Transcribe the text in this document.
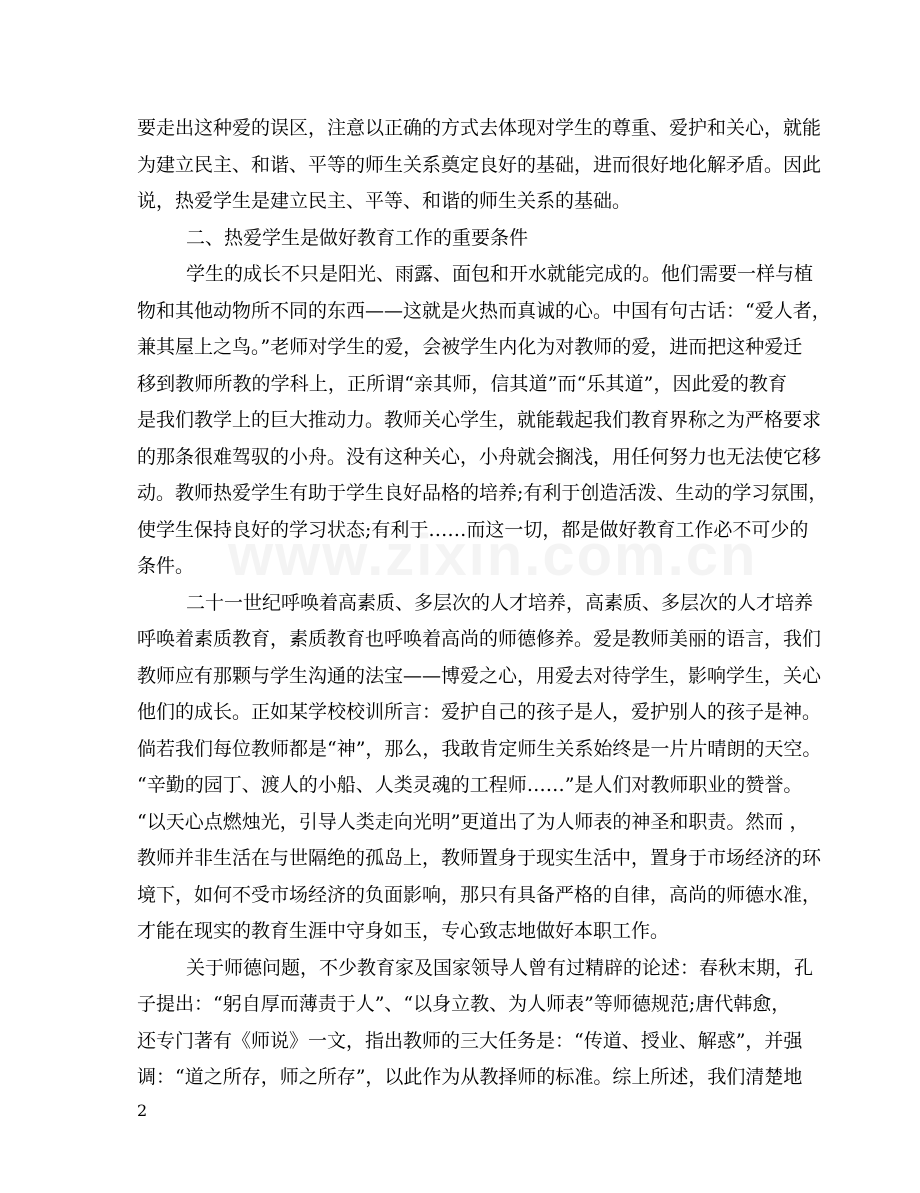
要走出这种爱的误区，注意以正确的方式去体现对学生的尊重、爱护和关心，就能
为建立民主、和谐、平等的师生关系奠定良好的基础，进而很好地化解矛盾。因此
说，热爱学生是建立民主、平等、和谐的师生关系的基础。
二、热爱学生是做好教育工作的重要条件
学生的成长不只是阳光、雨露、面包和开水就能完成的。他们需要一样与植
物和其他动物所不同的东西——这就是火热而真诚的心。中国有句古话：“爱人者，
兼其屋上之鸟。”老师对学生的爱，会被学生内化为对教师的爱，进而把这种爱迁
移到教师所教的学科上，正所谓“亲其师，信其道”而“乐其道”，因此爱的教育
是我们教学上的巨大推动力。教师关心学生，就能载起我们教育界称之为严格要求
的那条很难驾驭的小舟。没有这种关心，小舟就会搁浅，用任何努力也无法使它移
动。教师热爱学生有助于学生良好品格的培养;有利于创造活泼、生动的学习氛围，
使学生保持良好的学习状态;有利于……而这一切，都是做好教育工作必不可少的
条件。
二十一世纪呼唤着高素质、多层次的人才培养，高素质、多层次的人才培养
呼唤着素质教育，素质教育也呼唤着高尚的师德修养。爱是教师美丽的语言，我们
教师应有那颗与学生沟通的法宝——博爱之心，用爱去对待学生，影响学生，关心
他们的成长。正如某学校校训所言：爱护自己的孩子是人，爱护别人的孩子是神。
倘若我们每位教师都是“神”，那么，我敢肯定师生关系始终是一片片晴朗的天空。
“辛勤的园丁、渡人的小船、人类灵魂的工程师……”是人们对教师职业的赞誉。
“以天心点燃烛光，引导人类走向光明”更道出了为人师表的神圣和职责。然而 ，
教师并非生活在与世隔绝的孤岛上，教师置身于现实生活中，置身于市场经济的环
境下，如何不受市场经济的负面影响，那只有具备严格的自律，高尚的师德水准，
才能在现实的教育生涯中守身如玉，专心致志地做好本职工作。
关于师德问题，不少教育家及国家领导人曾有过精辟的论述：春秋末期，孔
子提出：“躬自厚而薄责于人”、“以身立教、为人师表”等师德规范;唐代韩愈，
还专门著有《师说》一文，指出教师的三大任务是：“传道、授业、解惑”，并强
调：“道之所存，师之所存”，以此作为从教择师的标准。综上所述，我们清楚地
2
